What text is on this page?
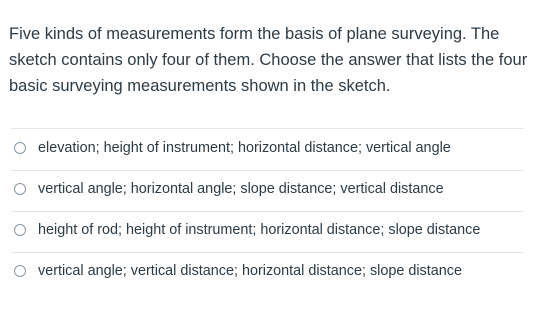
Five kinds of measurements form the basis of plane surveying. The sketch contains only four of them. Choose the answer that lists the four basic surveying measurements shown in the sketch.

elevation; height of instrument; horizontal distance; vertical angle
vertical angle; horizontal angle; slope distance; vertical distance
height of rod; height of instrument; horizontal distance; slope distance
vertical angle; vertical distance; horizontal distance; slope distance
